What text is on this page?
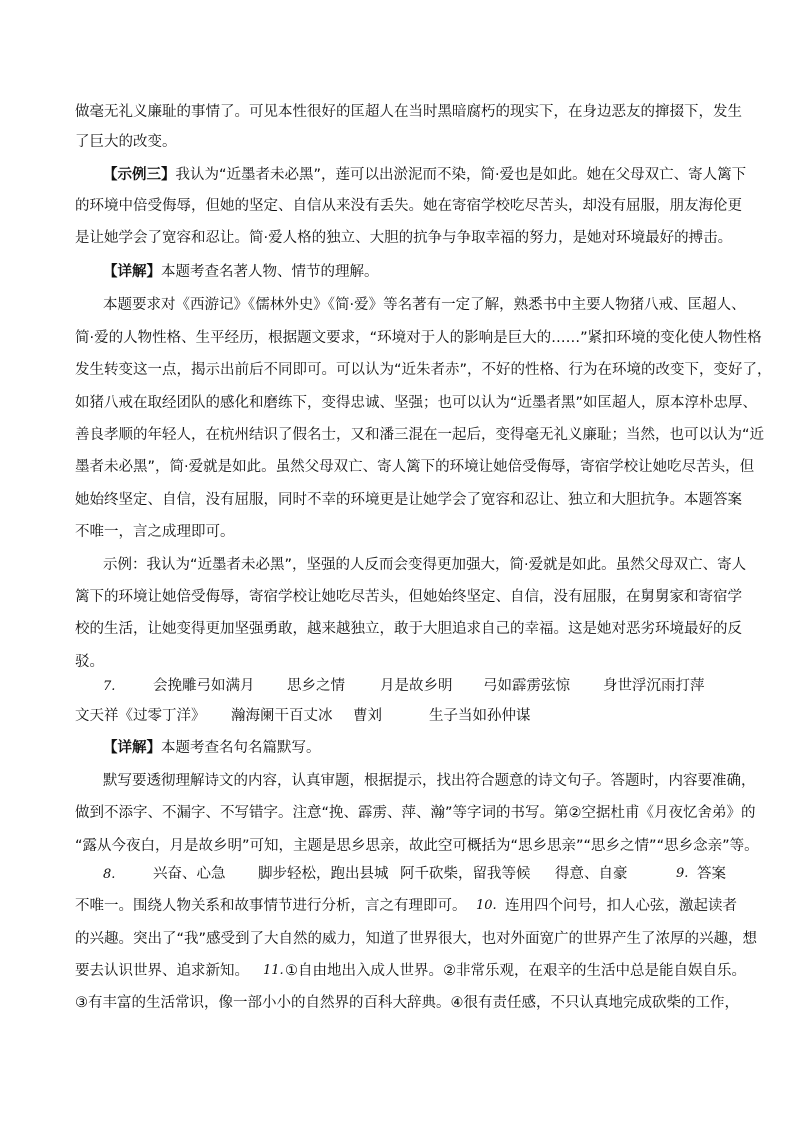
做毫无礼义廉耻的事情了。可见本性很好的匡超人在当时黑暗腐朽的现实下，在身边恶友的撺掇下，发生
了巨大的改变。
【示例三】我认为“近墨者未必黑”，莲可以出淤泥而不染，简·爱也是如此。她在父母双亡、寄人篱下
的环境中倍受侮辱，但她的坚定、自信从来没有丢失。她在寄宿学校吃尽苦头，却没有屈服，朋友海伦更
是让她学会了宽容和忍让。简·爱人格的独立、大胆的抗争与争取幸福的努力，是她对环境最好的搏击。
【详解】本题考查名著人物、情节的理解。
本题要求对《西游记》《儒林外史》《简·爱》等名著有一定了解，熟悉书中主要人物猪八戒、匡超人、
简·爱的人物性格、生平经历，根据题文要求，“环境对于人的影响是巨大的……”紧扣环境的变化使人物性格
发生转变这一点，揭示出前后不同即可。可以认为“近朱者赤”，不好的性格、行为在环境的改变下，变好了，
如猪八戒在取经团队的感化和磨练下，变得忠诚、坚强；也可以认为“近墨者黑”如匡超人，原本淳朴忠厚、
善良孝顺的年轻人，在杭州结识了假名士，又和潘三混在一起后，变得毫无礼义廉耻；当然，也可以认为“近
墨者未必黑”，简·爱就是如此。虽然父母双亡、寄人篱下的环境让她倍受侮辱，寄宿学校让她吃尽苦头，但
她始终坚定、自信，没有屈服，同时不幸的环境更是让她学会了宽容和忍让、独立和大胆抗争。本题答案
不唯一，言之成理即可。
示例：我认为“近墨者未必黑”，坚强的人反而会变得更加强大，简·爱就是如此。虽然父母双亡、寄人
篱下的环境让她倍受侮辱，寄宿学校让她吃尽苦头，但她始终坚定、自信，没有屈服，在舅舅家和寄宿学
校的生活，让她变得更加坚强勇敢，越来越独立，敢于大胆追求自己的幸福。这是她对恶劣环境最好的反
驳。
7.	会挽雕弓如满月 思乡之情 月是故乡明 弓如霹雳弦惊 身世浮沉雨打萍
文天祥《过零丁洋》 瀚海阑干百丈冰 曹刘	生子当如孙仲谋
【详解】本题考查名句名篇默写。
默写要透彻理解诗文的内容，认真审题，根据提示，找出符合题意的诗文句子。答题时，内容要准确，
做到不添字、不漏字、不写错字。注意“挽、霹雳、萍、瀚”等字词的书写。第②空据杜甫《月夜忆舍弟》的
“露从今夜白，月是故乡明”可知，主题是思乡思亲，故此空可概括为“思乡思亲”“思乡之情”“思乡念亲”等。
8.	兴奋、心急 脚步轻松，跑出县城 阿千砍柴，留我等候 得意、自豪	9. 答案
不唯一。围绕人物关系和故事情节进行分析，言之有理即可。 10. 连用四个问号，扣人心弦，激起读者
的兴趣。突出了“我”感受到了大自然的威力，知道了世界很大，也对外面宽广的世界产生了浓厚的兴趣，想
要去认识世界、追求新知。 11. ①自由地出入成人世界。②非常乐观，在艰辛的生活中总是能自娱自乐。
③有丰富的生活常识，像一部小小的自然界的百科大辞典。④很有责任感，不只认真地完成砍柴的工作，
